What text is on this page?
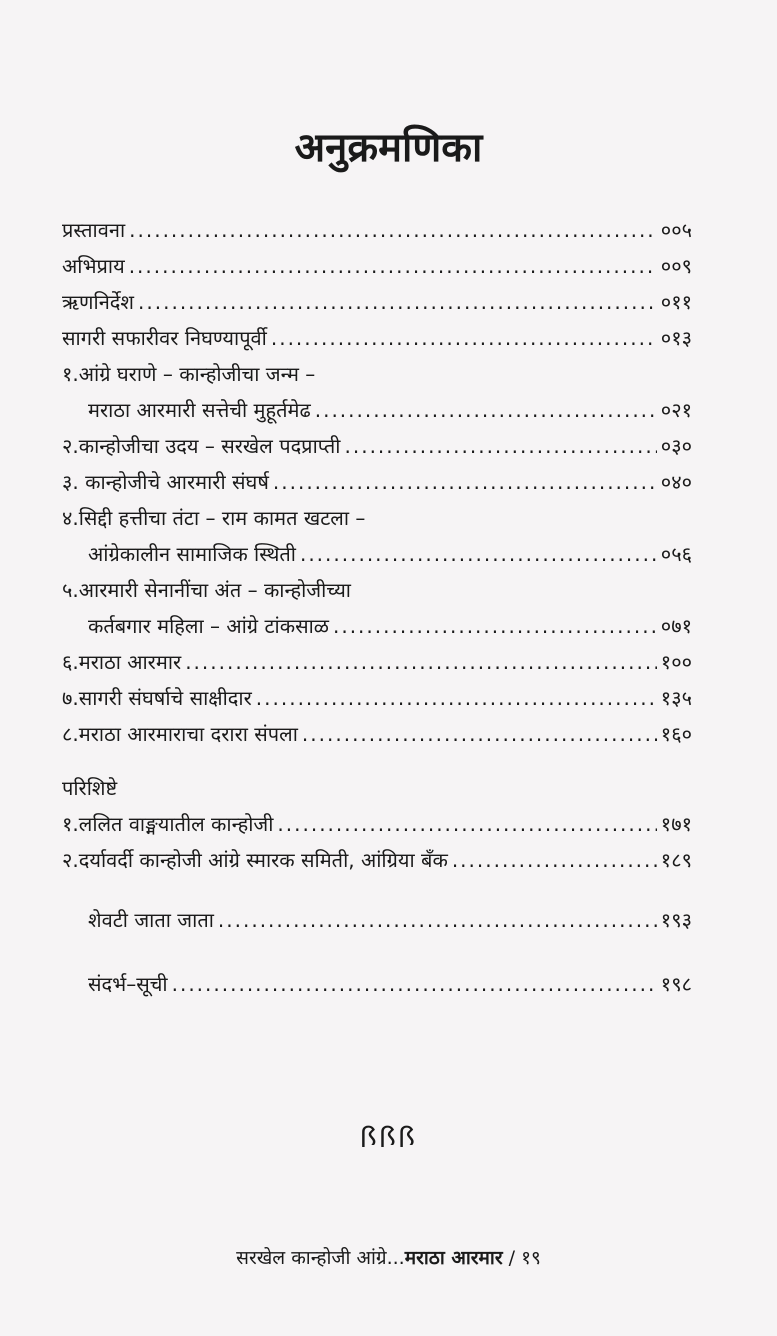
अनुक्रमणिका
प्रस्तावना .....	००५
अभिप्राय .....	००९
ऋणनिर्देश .....	०११
सागरी सफारीवर निघण्यापूर्वी .....	०१३
१.आंग्रे घराणे – कान्होजीचा जन्म –
मराठा आरमारी सत्तेची मुहूर्तमेढ .....	०२१
२.कान्होजीचा उदय – सरखेल पदप्राप्ती .....	०३०
३. कान्होजीचे आरमारी संघर्ष .....	०४०
४.सिद्दी हत्तीचा तंटा – राम कामत खटला –
आंग्रेकालीन सामाजिक स्थिती .....	०५६
५.आरमारी सेनानींचा अंत – कान्होजीच्या
कर्तबगार महिला – आंग्रे टांकसाळ .....	०७१
६.मराठा आरमार .....	१००
७.सागरी संघर्षाचे साक्षीदार .....	१३५
८.मराठा आरमाराचा दरारा संपला .....	१६०
परिशिष्टे
१.ललित वाङ्मयातील कान्होजी .....	१७१
२.दर्यावर्दी कान्होजी आंग्रे स्मारक समिती, आंग्रिया बँक .....	१८९
शेवटी जाता जाता .....	१९३
संदर्भ–सूची .....	१९८
ꟗꟗꟗ
सरखेल कान्होजी आंग्रे...मराठा आरमार / १९
